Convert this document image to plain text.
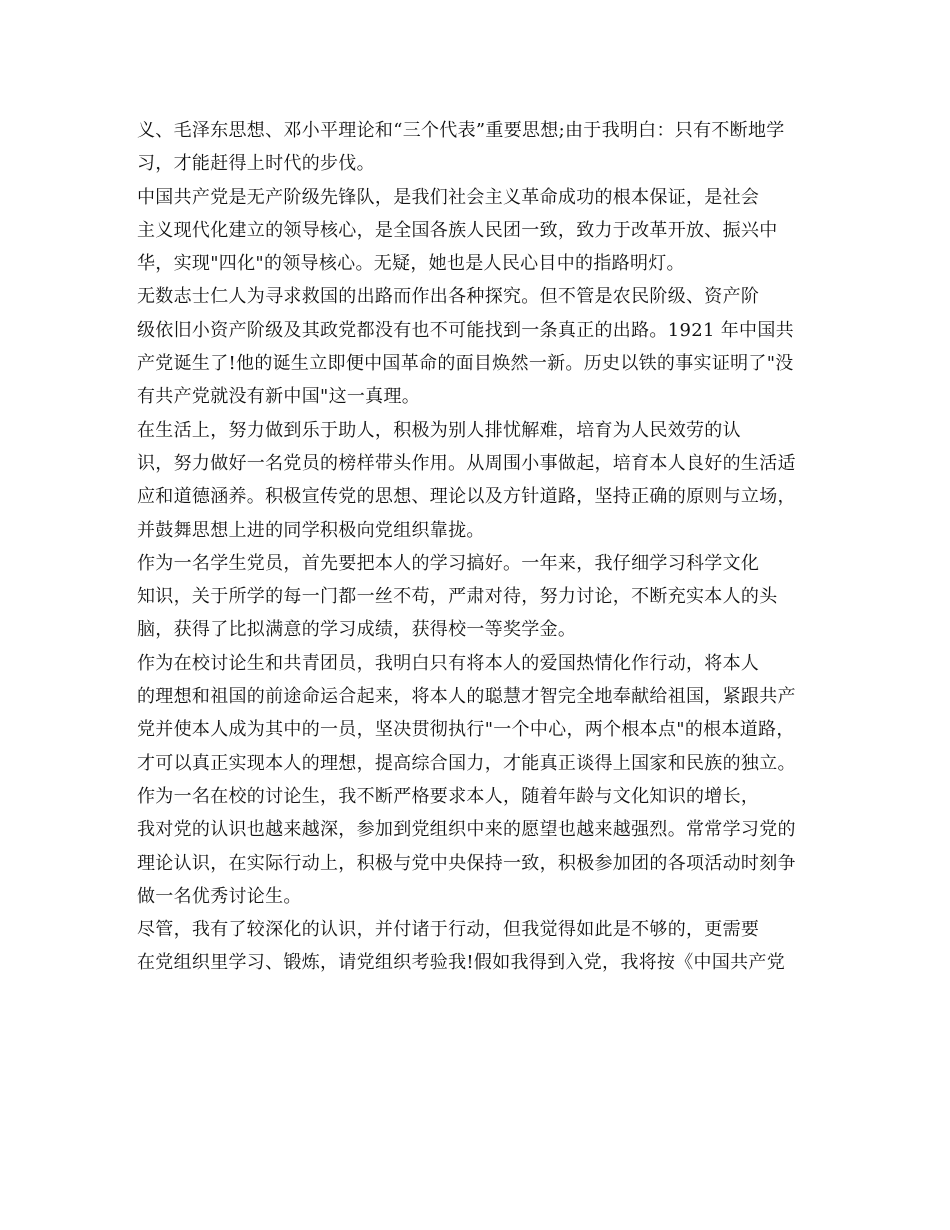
义、毛泽东思想、邓小平理论和“三个代表”重要思想;由于我明白：只有不断地学
习，才能赶得上时代的步伐。

中国共产党是无产阶级先锋队，是我们社会主义革命成功的根本保证，是社会
主义现代化建立的领导核心，是全国各族人民团一致，致力于改革开放、振兴中
华，实现"四化"的领导核心。无疑，她也是人民心目中的指路明灯。

无数志士仁人为寻求救国的出路而作出各种探究。但不管是农民阶级、资产阶
级依旧小资产阶级及其政党都没有也不可能找到一条真正的出路。1921 年中国共
产党诞生了!他的诞生立即便中国革命的面目焕然一新。历史以铁的事实证明了"没
有共产党就没有新中国"这一真理。

在生活上，努力做到乐于助人，积极为别人排忧解难，培育为人民效劳的认
识，努力做好一名党员的榜样带头作用。从周围小事做起，培育本人良好的生活适
应和道德涵养。积极宣传党的思想、理论以及方针道路，坚持正确的原则与立场，
并鼓舞思想上进的同学积极向党组织靠拢。

作为一名学生党员，首先要把本人的学习搞好。一年来，我仔细学习科学文化
知识，关于所学的每一门都一丝不苟，严肃对待，努力讨论，不断充实本人的头
脑，获得了比拟满意的学习成绩，获得校一等奖学金。

作为在校讨论生和共青团员，我明白只有将本人的爱国热情化作行动，将本人
的理想和祖国的前途命运合起来，将本人的聪慧才智完全地奉献给祖国，紧跟共产
党并使本人成为其中的一员，坚决贯彻执行"一个中心，两个根本点"的根本道路，
才可以真正实现本人的理想，提高综合国力，才能真正谈得上国家和民族的独立。

作为一名在校的讨论生，我不断严格要求本人，随着年龄与文化知识的增长，
我对党的认识也越来越深，参加到党组织中来的愿望也越来越强烈。常常学习党的
理论认识，在实际行动上，积极与党中央保持一致，积极参加团的各项活动时刻争
做一名优秀讨论生。

尽管，我有了较深化的认识，并付诸于行动，但我觉得如此是不够的，更需要
在党组织里学习、锻炼，请党组织考验我!假如我得到入党，我将按《中国共产党
